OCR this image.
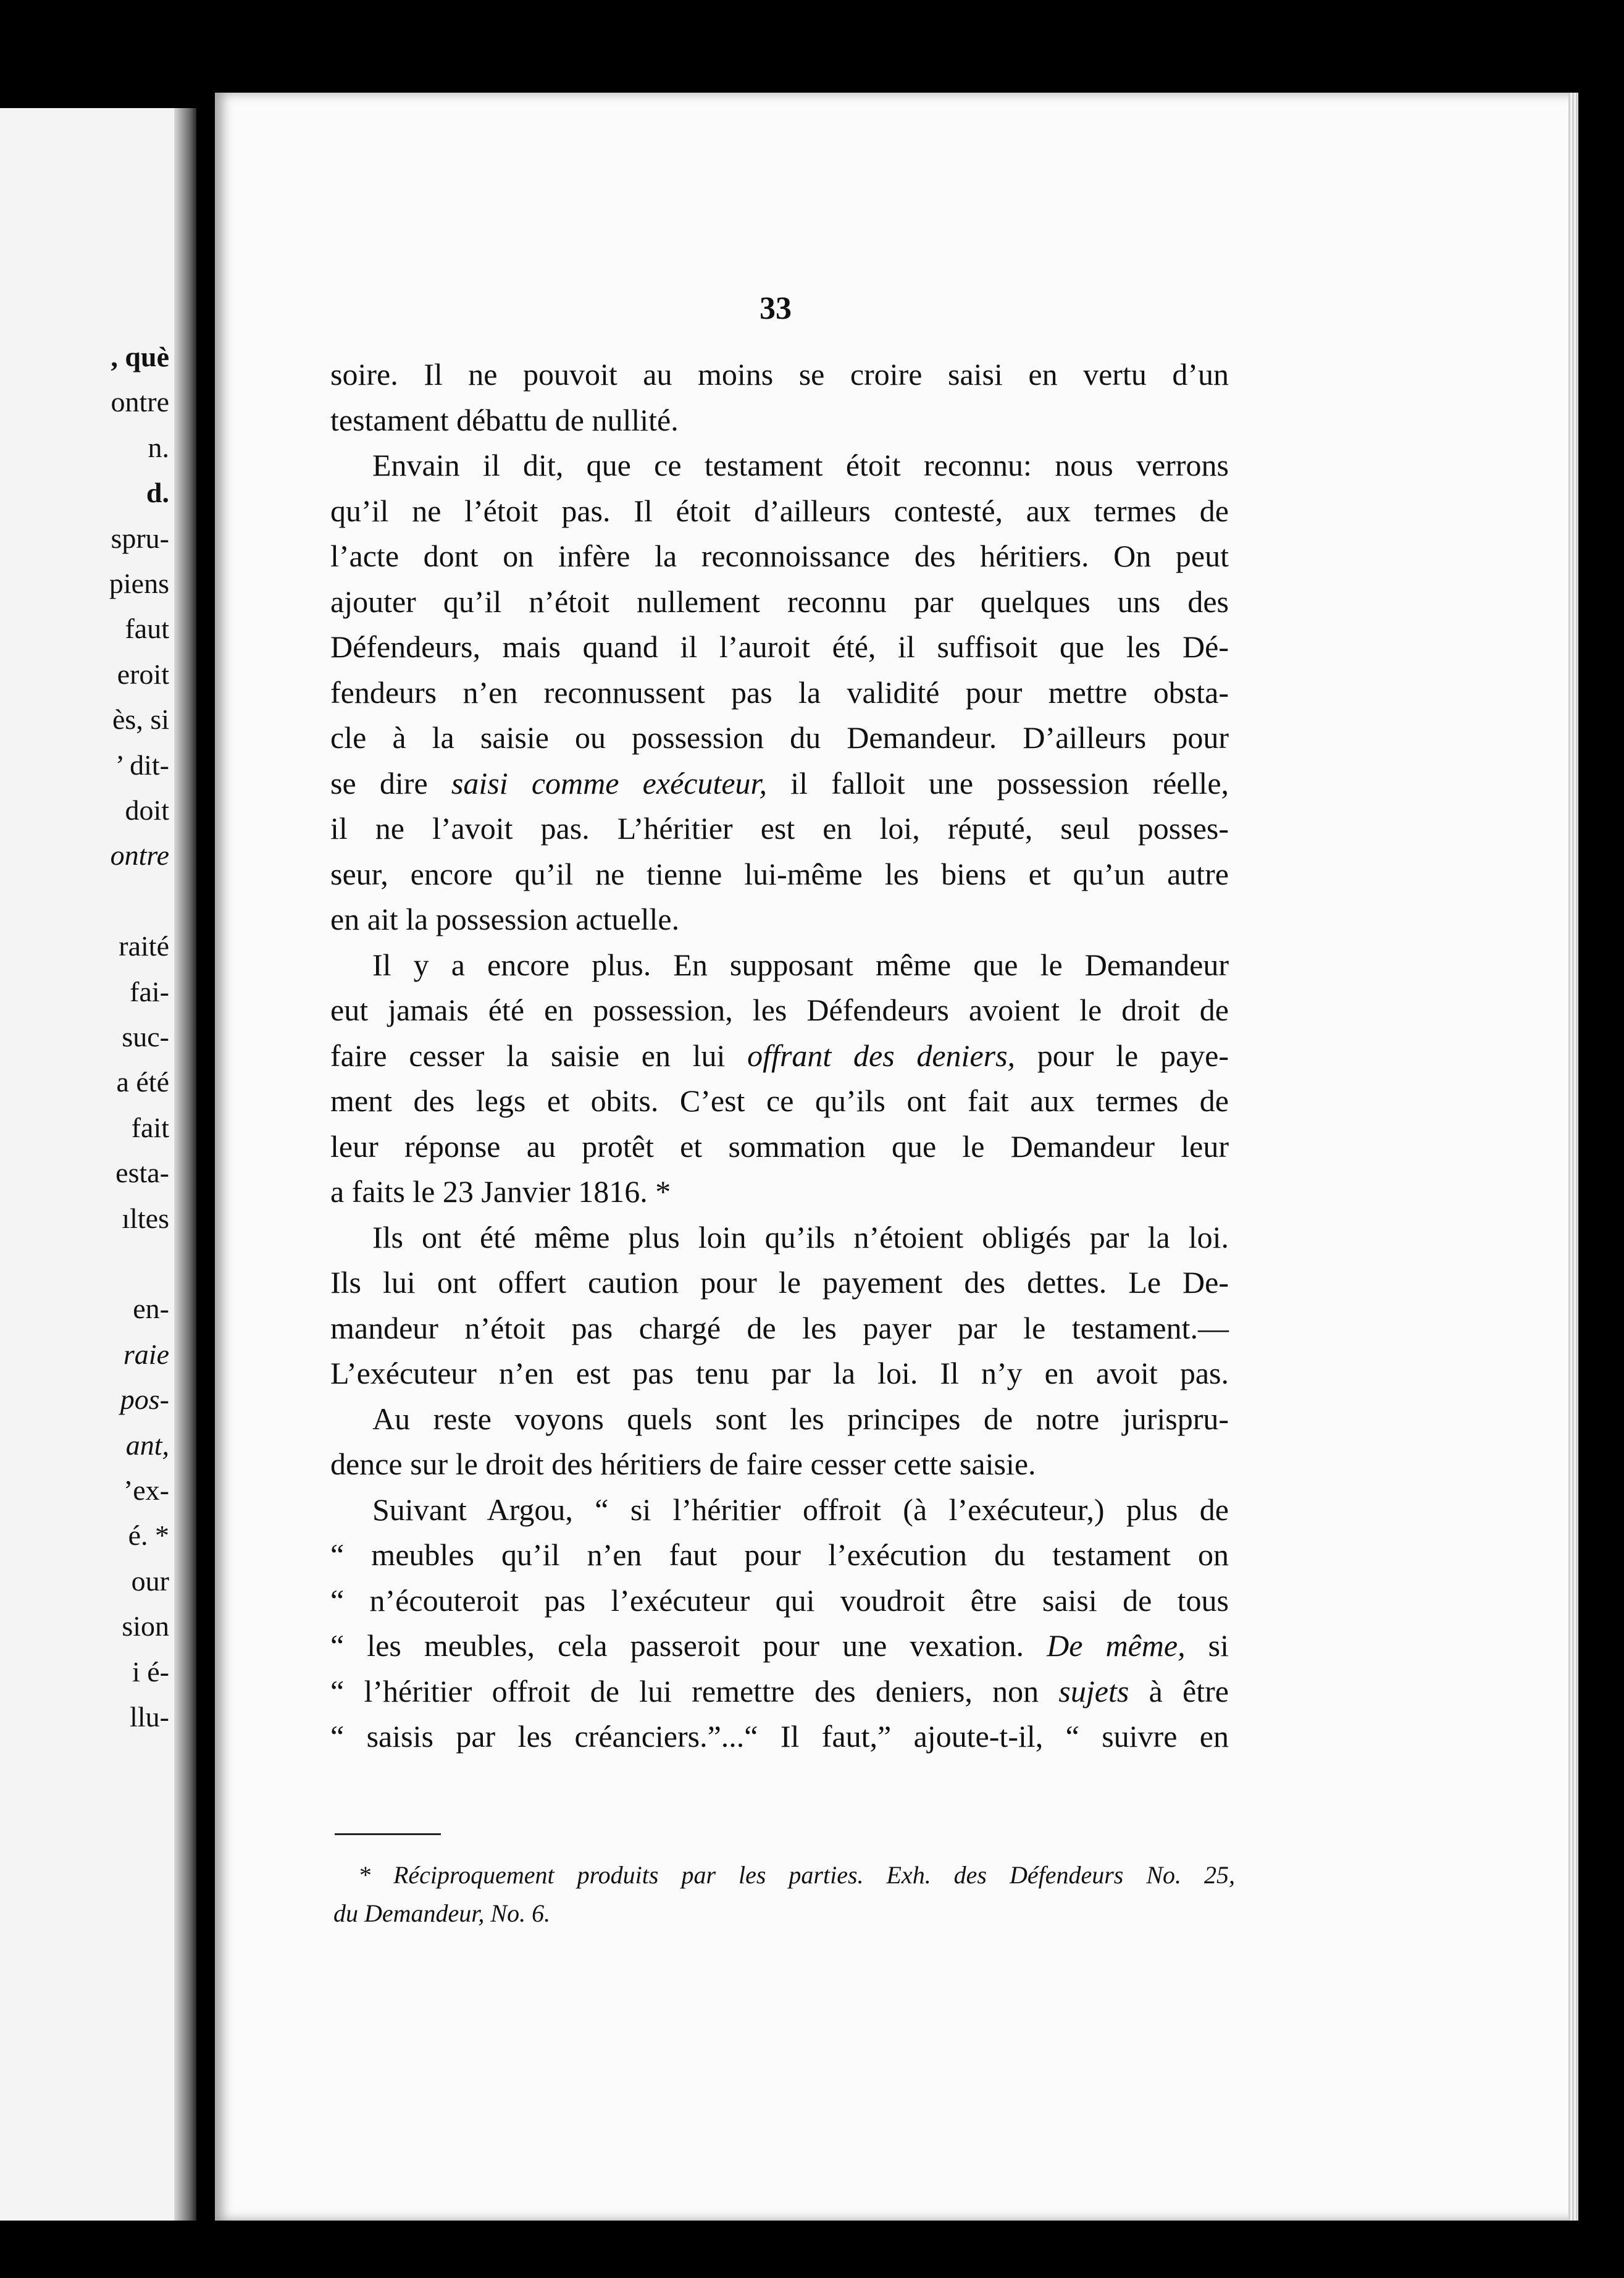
, què
ontre
n.
d.
spru-
piens
faut
eroit
ès, si
’ dit-
doit
ontre
raité
fai-
suc-
a été
fait
esta-
ıltes
en-
raie
pos-
ant,
’ex-
é. *
our
sion
i é-
llu-
33
soire. Il ne pouvoit au moins se croire saisi en vertu d’un
testament débattu de nullité.
Envain il dit, que ce testament étoit reconnu: nous verrons
qu’il ne l’étoit pas. Il étoit d’ailleurs contesté, aux termes de
l’acte dont on infère la reconnoissance des héritiers. On peut
ajouter qu’il n’étoit nullement reconnu par quelques uns des
Défendeurs, mais quand il l’auroit été, il suffisoit que les Dé-
fendeurs n’en reconnussent pas la validité pour mettre obsta-
cle à la saisie ou possession du Demandeur. D’ailleurs pour
se dire saisi comme exécuteur, il falloit une possession réelle,
il ne l’avoit pas. L’héritier est en loi, réputé, seul posses-
seur, encore qu’il ne tienne lui-même les biens et qu’un autre
en ait la possession actuelle.
Il y a encore plus. En supposant même que le Demandeur
eut jamais été en possession, les Défendeurs avoient le droit de
faire cesser la saisie en lui offrant des deniers, pour le paye-
ment des legs et obits. C’est ce qu’ils ont fait aux termes de
leur réponse au protêt et sommation que le Demandeur leur
a faits le 23 Janvier 1816. *
Ils ont été même plus loin qu’ils n’étoient obligés par la loi.
Ils lui ont offert caution pour le payement des dettes. Le De-
mandeur n’étoit pas chargé de les payer par le testament.—
L’exécuteur n’en est pas tenu par la loi. Il n’y en avoit pas.
Au reste voyons quels sont les principes de notre jurispru-
dence sur le droit des héritiers de faire cesser cette saisie.
Suivant Argou, “ si l’héritier offroit (à l’exécuteur,) plus de
“ meubles qu’il n’en faut pour l’exécution du testament on
“ n’écouteroit pas l’exécuteur qui voudroit être saisi de tous
“ les meubles, cela passeroit pour une vexation. De même, si
“ l’héritier offroit de lui remettre des deniers, non sujets à être
“ saisis par les créanciers.”...“ Il faut,” ajoute-t-il, “ suivre en
* Réciproquement produits par les parties. Exh. des Défendeurs No. 25,
du Demandeur, No. 6.
